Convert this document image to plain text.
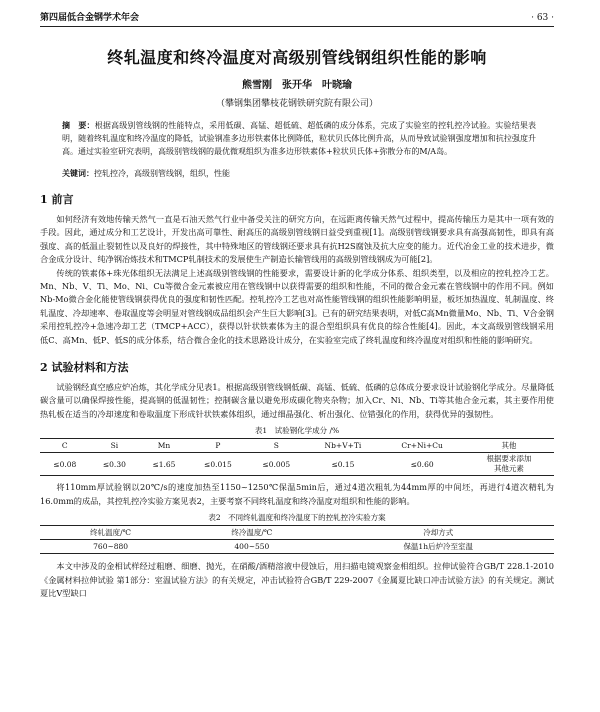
第四届低合金钢学术年会	· 63 ·
终轧温度和终冷温度对高级别管线钢组织性能的影响
熊雪刚　张开华　叶晓瑜
（攀钢集团攀枝花钢铁研究院有限公司）
摘　要：根据高级别管线钢的性能特点，采用低碳、高锰、超低硫、超低磷的成分体系，完成了实验室的控轧控冷试验。实验结果表明，随着终轧温度和终冷温度的降低，试验钢准多边形铁素体比例降低，粒状贝氏体比例升高，从而导致试验钢强度增加和抗拉强度升高。通过实验室研究表明，高级别管线钢的最优微观组织为准多边形铁素体+粒状贝氏体+弥散分布的M/A岛。
关键词：控轧控冷，高级别管线钢，组织，性能
1 前言

如何经济有效地传输天然气一直是石油天然气行业中备受关注的研究方向，在远距离传输天然气过程中，提高传输压力是其中一项有效的手段。因此，通过成分和工艺设计，开发出高可靠性、耐高压的高级别管线钢日益受到重视[1]。高级别管线钢要求具有高强高韧性，即具有高强度、高的低温止裂韧性以及良好的焊接性，其中特殊地区的管线钢还要求具有抗H2S腐蚀及抗大应变的能力。近代冶金工业的技术进步，微合金成分设计、纯净钢冶炼技术和TMCP轧制技术的发展使生产制造长输管线用的高级别管线钢成为可能[2]。

传统的铁素体+珠光体组织无法满足上述高级别管线钢的性能要求，需要设计新的化学成分体系、组织类型，以及相应的控轧控冷工艺。Mn、Nb、V、Ti、Mo、Ni、Cu等微合金元素被应用在管线钢中以获得需要的组织和性能，不同的微合金元素在管线钢中的作用不同。例如Nb-Mo微合金化能使管线钢获得优良的强度和韧性匹配。控轧控冷工艺也对高性能管线钢的组织性能影响明显，板坯加热温度、轧制温度、终轧温度、冷却速率、卷取温度等会明显对管线钢成品组织会产生巨大影响[3]。已有的研究结果表明，对低C高Mn微量Mo、Nb、Ti、V合金钢采用控轧控冷+急速冷却工艺（TMCP+ACC），获得以针状铁素体为主的混合型组织具有优良的综合性能[4]。因此，本文高级别管线钢采用低C、高Mn、低P、低S的成分体系，结合微合金化的技术思路设计成分，在实验室完成了终轧温度和终冷温度对组织和性能的影响研究。

2 试验材料和方法

试验钢经真空感应炉冶炼，其化学成分见表1。根据高级别管线钢低碳、高锰、低硫、低磷的总体成分要求设计试验钢化学成分。尽量降低碳含量可以确保焊接性能，提高钢的低温韧性；控制碳含量以避免形成碳化物夹杂物；加入Cr、Ni、Nb、Ti等其他合金元素，其主要作用使热轧板在适当的冷却速度和卷取温度下形成针状铁素体组织，通过细晶强化、析出强化、位错强化的作用，获得优异的强韧性。

表1　试验钢化学成分 /%
C	Si	Mn	P	S	Nb+V+Ti	Cr+Ni+Cu	其他
≤0.08	≤0.30	≤1.65	≤0.015	≤0.005	≤0.15	≤0.60	根据要求添加
其他元素

将110mm厚试验钢以20℃/s的速度加热至1150~1250℃保温5min后，通过4道次粗轧为44mm厚的中间坯，再进行4道次精轧为16.0mm的成品，其控轧控冷实验方案见表2，主要考察不同终轧温度和终冷温度对组织和性能的影响。

表2　不同终轧温度和终冷温度下的控轧控冷实验方案
终轧温度/℃	终冷温度/℃	冷却方式
760~880	400~550	保温1h后炉冷至室温

本文中涉及的金相试样经过粗磨、细磨、抛光，在硝酸/酒精溶液中侵蚀后，用扫描电镜观察金相组织。拉伸试验符合GB/T 228.1-2010《金属材料拉伸试验 第1部分：室温试验方法》的有关规定，冲击试验符合GB/T 229-2007《金属夏比缺口冲击试验方法》的有关规定。测试夏比V型缺口
